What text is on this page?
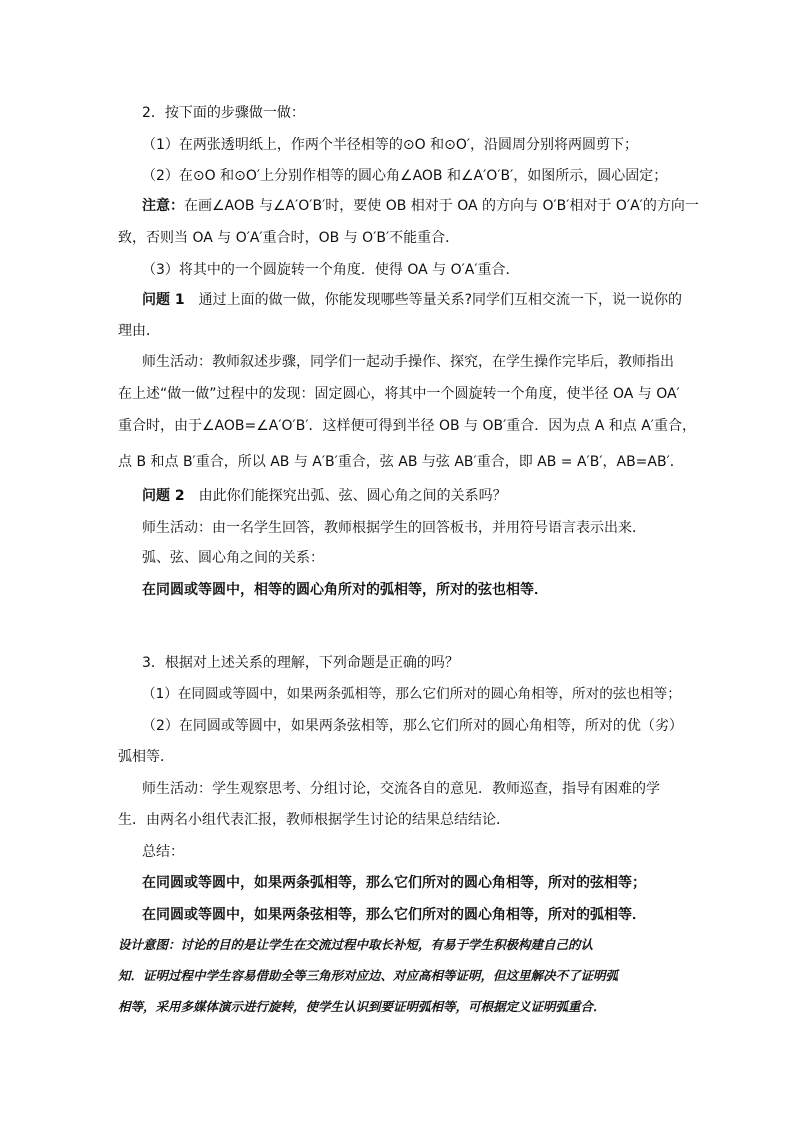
2．按下面的步骤做一做：
（1）在两张透明纸上，作两个半径相等的⊙O 和⊙O′，沿圆周分别将两圆剪下；
（2）在⊙O 和⊙O′上分别作相等的圆心角∠AOB 和∠A′O′B′，如图所示，圆心固定；
注意：在画∠AOB 与∠A′O′B′时，要使 OB 相对于 OA 的方向与 O′B′相对于 O′A′的方向一
致，否则当 OA 与 O′A′重合时，OB 与 O′B′不能重合．
（3）将其中的一个圆旋转一个角度．使得 OA 与 O′A′重合．
问题 1 通过上面的做一做，你能发现哪些等量关系?同学们互相交流一下，说一说你的
理由．
师生活动：教师叙述步骤，同学们一起动手操作、探究，在学生操作完毕后，教师指出
在上述“做一做”过程中的发现：固定圆心，将其中一个圆旋转一个角度，使半径 OA 与 OA′
重合时，由于∠AOB=∠A′O′B′．这样便可得到半径 OB 与 OB′重合．因为点 A 和点 A′重合，
点 B 和点 B′重合，所以 AB 与 A′B′重合，弦 AB 与弦 AB′重合，即 AB = A′B′，AB=AB′．
问题 2 由此你们能探究出弧、弦、圆心角之间的关系吗？
师生活动：由一名学生回答，教师根据学生的回答板书，并用符号语言表示出来．
弧、弦、圆心角之间的关系：
在同圆或等圆中，相等的圆心角所对的弧相等，所对的弦也相等．
3．根据对上述关系的理解，下列命题是正确的吗？
（1）在同圆或等圆中，如果两条弧相等，那么它们所对的圆心角相等，所对的弦也相等；
（2）在同圆或等圆中，如果两条弦相等，那么它们所对的圆心角相等，所对的优（劣）
弧相等．
师生活动：学生观察思考、分组讨论，交流各自的意见．教师巡查，指导有困难的学
生．由两名小组代表汇报，教师根据学生讨论的结果总结结论．
总结：
在同圆或等圆中，如果两条弧相等，那么它们所对的圆心角相等，所对的弦相等；
在同圆或等圆中，如果两条弦相等，那么它们所对的圆心角相等，所对的弧相等．
设计意图：讨论的目的是让学生在交流过程中取长补短，有易于学生积极构建自己的认
知．证明过程中学生容易借助全等三角形对应边、对应高相等证明，但这里解决不了证明弧
相等，采用多媒体演示进行旋转，使学生认识到要证明弧相等，可根据定义证明弧重合．
